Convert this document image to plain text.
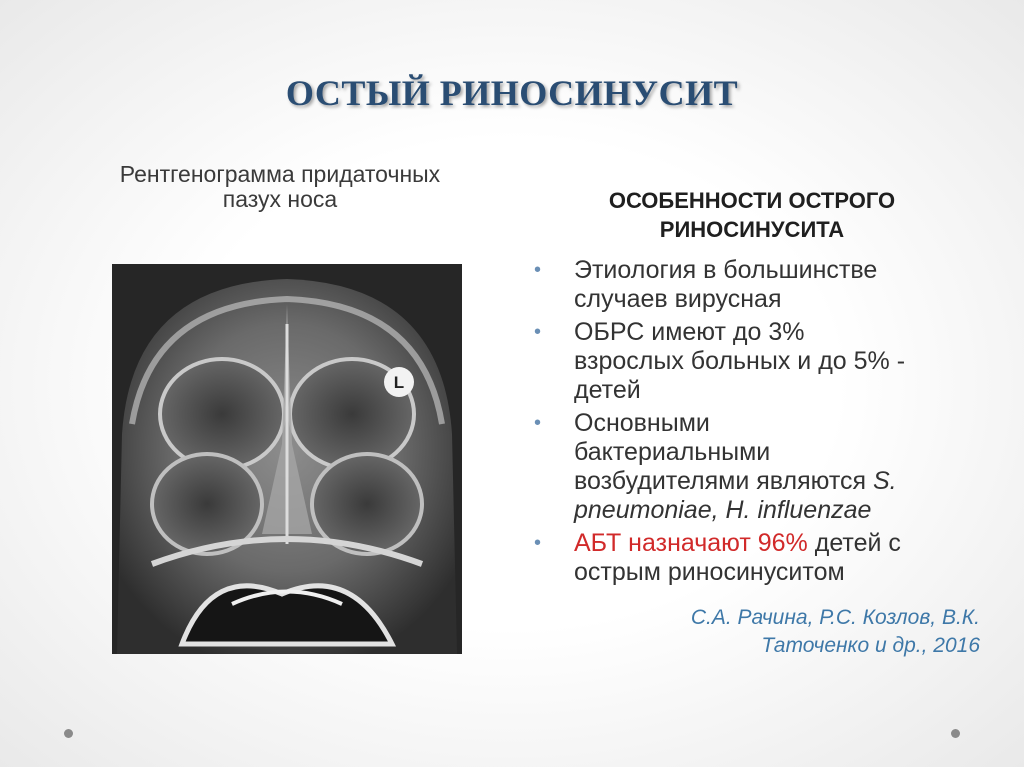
ОСТЫЙ РИНОСИНУСИТ
Рентгенограмма придаточных
пазух носа
L
ОСОБЕННОСТИ ОСТРОГО
РИНОСИНУСИТА
• Этиология в большинстве
случаев вирусная
• ОБРС имеют до 3%
взрослых больных и до 5% -
детей
• Основными
бактериальными
возбудителями являются S.
pneumoniae, H. influenzae
• АБТ назначают 96% детей с
острым риносинуситом
С.А. Рачина, Р.С. Козлов, В.К.
Таточенко и др., 2016
